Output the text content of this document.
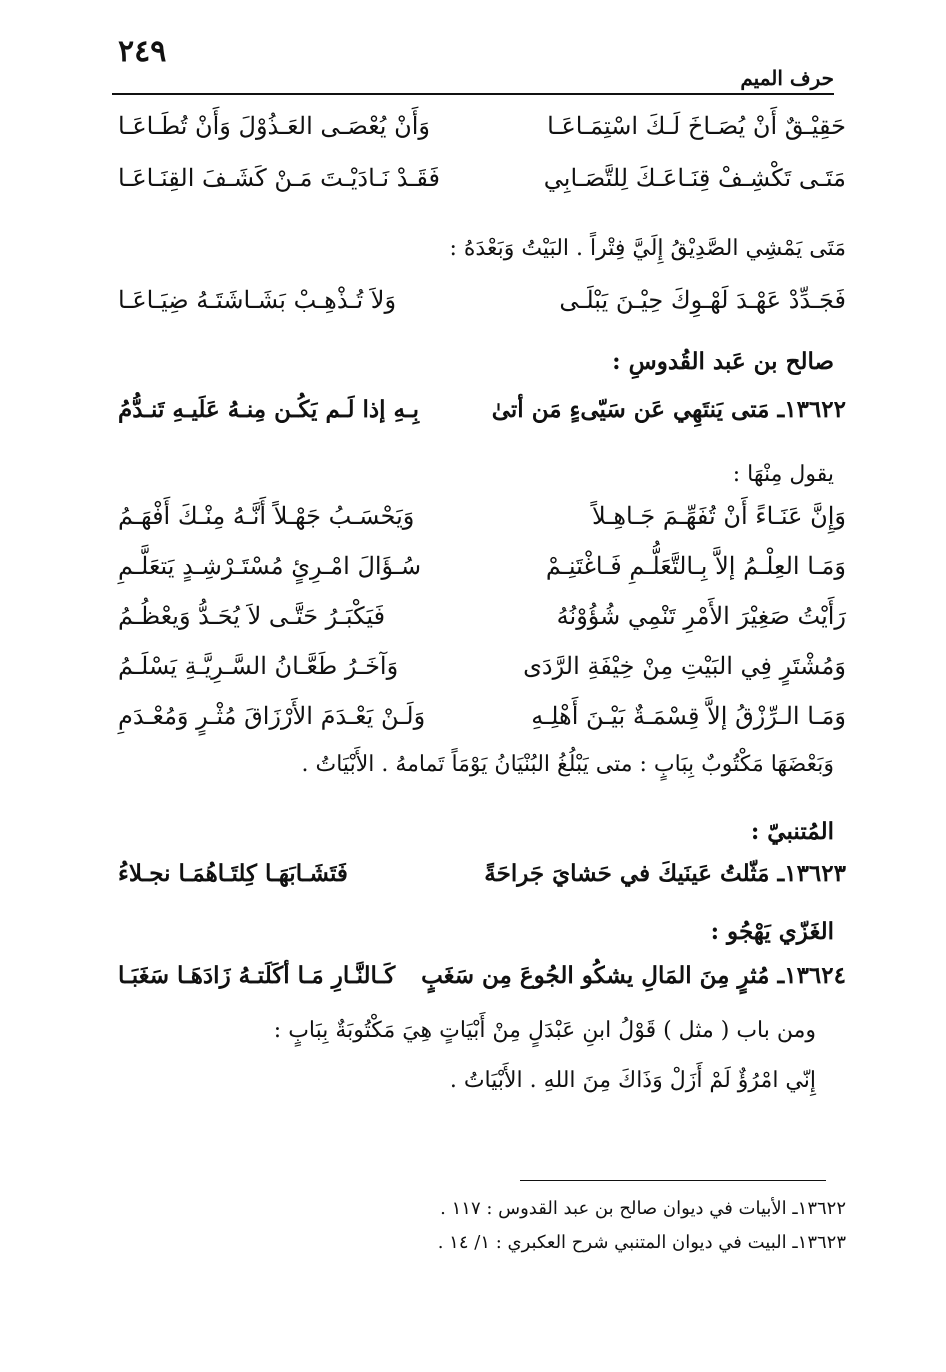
٢٤٩
حرف الميم
حَقِيْـقٌ أَنْ يُصَـاخَ لَـكَ اسْتِمَـاعَـا
وَأَنْ يُعْصَـى العَـذُوْلَ وَأَنْ تُطَـاعَـا
مَتَـى تَكْشِـفْ قِنَـاعَـكَ لِلتَّصَـابِي
فَقَـدْ نَـادَيْـتَ مَـنْ كَشَـفَ القِنَـاعَـا
مَتَى يَمْشِي الصَّدِيْقُ إِلَيَّ فِتْراً . البَيْتُ وَبَعْدَهُ :
فَجَـدِّدْ عَهْـدَ لَهْـوِكَ حِيْـنَ يَبْلَـى
وَلاَ تُـذْهِـبْ بَشَـاشَتَـهُ ضِيَـاعَـا
صالح بن عَبد القُدوسِ :
١٣٦٢٢ـ مَتى يَنتَهِي عَن سَيّىءٍ مَن أتىٰ
بِـهِ إذا لَـم يَكُـن مِنـهُ عَلَيـهِ تَنـدُّمُ
يقول مِنْهَا :
وَإِنَّ عَنَـاءً أَنْ تُفَهِّـمَ جَـاهِـلاً
وَيَحْسَـبُ جَهْـلاً أَنَّـهُ مِنْـكَ أَفْهَـمُ
وَمَـا العِلْـمُ إلاَّ بِـالتَّعَلُّـمِ فَـاغْتَنِـمْ
سُـؤَالَ امْـرِئٍ مُسْتَـرْشِـدٍ يَتعَلَّـمِ
رَأَيْتُ صَغِيْرَ الأَمْرِ تَنْمِي شُؤُوْنُهُ
فَيَكْبَـرُ حَتَّـى لاَ يُحَـدُّ وَيعْظُـمُ
وَمُشْتَرٍ فِي البَيْتِ مِنْ خِيْفَةِ الرَّدَى
وَآخَـرُ طَعَّـانُ السَّـرِيَّـةِ يَسْلَـمُ
وَمَـا الـرِّزْقُ إلاَّ قِسْمَـةٌ بَيْـنَ أَهْلِـهِ
وَلَـنْ يَعْـدَمَ الأَرْزَاقَ مُثْـرٍ وَمُعْـدَمِ
وَبَعْضَهَا مَكْتُوبٌ بِبَابٍ : متى يَبْلُغُ البُنْيَانُ يَوْمَاً تَمامهُ . الأَبْيَاتُ .
المُتنبيّ :
١٣٦٢٣ـ مَثّلتُ عَينَيكَ في حَشايَ جَراحَةً
فَتَشَـابَهَـا كِلتَـاهُمَـا نجـلاءُ
الغَزّي يَهْجُو :
١٣٦٢٤ـ مُثرٍ مِنَ المَالِ يشكُو الجُوعَ مِن سَغَبٍ
كَـالنَّـارِ مَـا أكَلَتـهُ زَادَهَـا سَغَبَـا
ومن باب ( مثل ) قَوْلُ ابنِ عَبْدَلٍ مِنْ أَبْيَاتٍ هِيَ مَكْتُوبَةٌ بِبَابٍ :
إِنّي امْرُؤٌ لَمْ أَزَلْ وَذَاكَ مِنَ اللهِ . الأَبْيَاتُ .
١٣٦٢٢ـ الأبيات في ديوان صالح بن عبد القدوس : ١١٧ .
١٣٦٢٣ـ البيت في ديوان المتنبي شرح العكبري : ١/ ١٤ .
